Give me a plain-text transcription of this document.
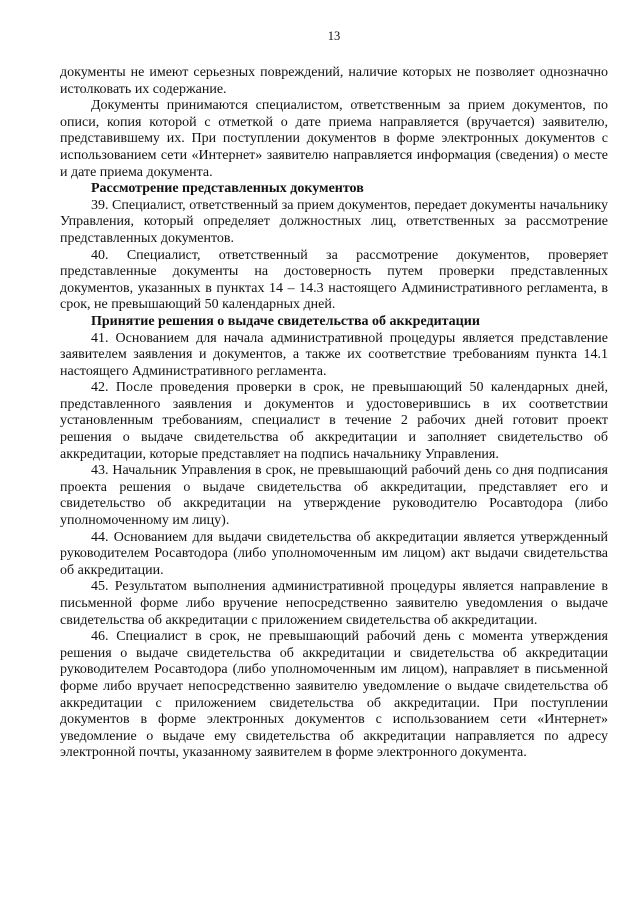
13

документы не имеют серьезных повреждений, наличие которых не позволяет однозначно истолковать их содержание.

Документы принимаются специалистом, ответственным за прием документов, по описи, копия которой с отметкой о дате приема направляется (вручается) заявителю, представившему их. При поступлении документов в форме электронных документов с использованием сети «Интернет» заявителю направляется информация (сведения) о месте и дате приема документа.

Рассмотрение представленных документов

39. Специалист, ответственный за прием документов, передает документы начальнику Управления, который определяет должностных лиц, ответственных за рассмотрение представленных документов.

40. Специалист, ответственный за рассмотрение документов, проверяет представленные документы на достоверность путем проверки представленных документов, указанных в пунктах 14 – 14.3 настоящего Административного регламента, в срок, не превышающий 50 календарных дней.

Принятие решения о выдаче свидетельства об аккредитации

41. Основанием для начала административной процедуры является представление заявителем заявления и документов, а также их соответствие требованиям пункта 14.1 настоящего Административного регламента.

42. После проведения проверки в срок, не превышающий 50 календарных дней, представленного заявления и документов и удостоверившись в их соответствии установленным требованиям, специалист в течение 2 рабочих дней готовит проект решения о выдаче свидетельства об аккредитации и заполняет свидетельство об аккредитации, которые представляет на подпись начальнику Управления.

43. Начальник Управления в срок, не превышающий рабочий день со дня подписания проекта решения о выдаче свидетельства об аккредитации, представляет его и свидетельство об аккредитации на утверждение руководителю Росавтодора (либо уполномоченному им лицу).

44. Основанием для выдачи свидетельства об аккредитации является утвержденный руководителем Росавтодора (либо уполномоченным им лицом) акт выдачи свидетельства об аккредитации.

45. Результатом выполнения административной процедуры является направление в письменной форме либо вручение непосредственно заявителю уведомления о выдаче свидетельства об аккредитации с приложением свидетельства об аккредитации.

46. Специалист в срок, не превышающий рабочий день с момента утверждения решения о выдаче свидетельства об аккредитации и свидетельства об аккредитации руководителем Росавтодора (либо уполномоченным им лицом), направляет в письменной форме либо вручает непосредственно заявителю уведомление о выдаче свидетельства об аккредитации с приложением свидетельства об аккредитации. При поступлении документов в форме электронных документов с использованием сети «Интернет» уведомление о выдаче ему свидетельства об аккредитации направляется по адресу электронной почты, указанному заявителем в форме электронного документа.
